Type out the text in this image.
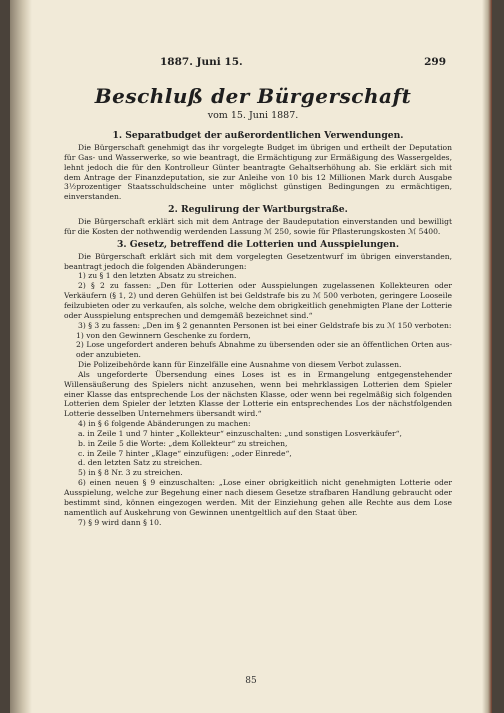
1887. Juni 15.	299
Beschluß der Bürgerschaft
vom 15. Juni 1887.
1. Separatbudget der außerordentlichen Verwendungen.

Die Bürgerschaft genehmigt das ihr vorgelegte Budget im übrigen und ertheilt der Deputation für Gas- und Wasserwerke, so wie beantragt, die Ermächtigung zur Ermäßigung des Wassergeldes, lehnt jedoch die für den Kontrolleur Günter beantragte Gehaltserhöhung ab. Sie erklärt sich mit dem Antrage der Finanzdeputation, sie zur Anleihe von 10 bis 12 Millionen Mark durch Ausgabe 3½prozentiger Staatsschuldscheine unter möglichst günstigen Bedingungen zu ermächtigen, einverstanden.

2. Regulirung der Wartburgstraße.

Die Bürgerschaft erklärt sich mit dem Antrage der Baudeputation einverstanden und bewilligt für die Kosten der nothwendig werdenden Lassung ℳ 250, sowie für Pflasterungskosten ℳ 5400.

3. Gesetz, betreffend die Lotterien und Ausspielungen.

Die Bürgerschaft erklärt sich mit dem vorgelegten Gesetzentwurf im übrigen einverstanden, beantragt jedoch die folgenden Abänderungen:

1) zu § 1 den letzten Absatz zu streichen.

2) § 2 zu fassen: „Den für Lotterien oder Ausspielungen zugelassenen Kollekteuren oder Verkäufern (§ 1, 2) und deren Gehülfen ist bei Geldstrafe bis zu ℳ 500 verboten, geringere Looseile feilzubieten oder zu verkaufen, als solche, welche dem obrigkeitlich genehmigten Plane der Lotterie oder Ausspielung entsprechen und demgemäß bezeichnet sind.“

3) § 3 zu fassen: „Den im § 2 genannten Personen ist bei einer Geldstrafe bis zu ℳ 150 verboten:

1) von den Gewinnern Geschenke zu fordern,

2) Lose ungefordert anderen behufs Abnahme zu übersenden oder sie an öffentlichen Orten aus- oder anzubieten.

Die Polizeibehörde kann für Einzelfälle eine Ausnahme von diesem Verbot zulassen.

Als ungeforderte Übersendung eines Loses ist es in Ermangelung entgegenstehender Willensäußerung des Spielers nicht anzusehen, wenn bei mehrklassigen Lotterien dem Spieler einer Klasse das entsprechende Los der nächsten Klasse, oder wenn bei regelmäßig sich folgenden Lotterien dem Spieler der letzten Klasse der Lotterie ein entsprechendes Los der nächstfolgenden Lotterie desselben Unternehmers übersandt wird.“

4) in § 6 folgende Abänderungen zu machen:

a. in Zeile 1 und 7 hinter „Kollekteur“ einzuschalten: „und sonstigen Losverkäufer“,

b. in Zeile 5 die Worte: „dem Kollekteur“ zu streichen,

c. in Zeile 7 hinter „Klage“ einzufügen: „oder Einrede“,

d. den letzten Satz zu streichen.

5) in § 8 Nr. 3 zu streichen.

6) einen neuen § 9 einzuschalten: „Lose einer obrigkeitlich nicht genehmigten Lotterie oder Ausspielung, welche zur Begehung einer nach diesem Gesetze strafbaren Handlung gebraucht oder bestimmt sind, können eingezogen werden. Mit der Einziehung gehen alle Rechte aus dem Lose namentlich auf Auskehrung von Gewinnen unentgeltlich auf den Staat über.

7) § 9 wird dann § 10.

85
